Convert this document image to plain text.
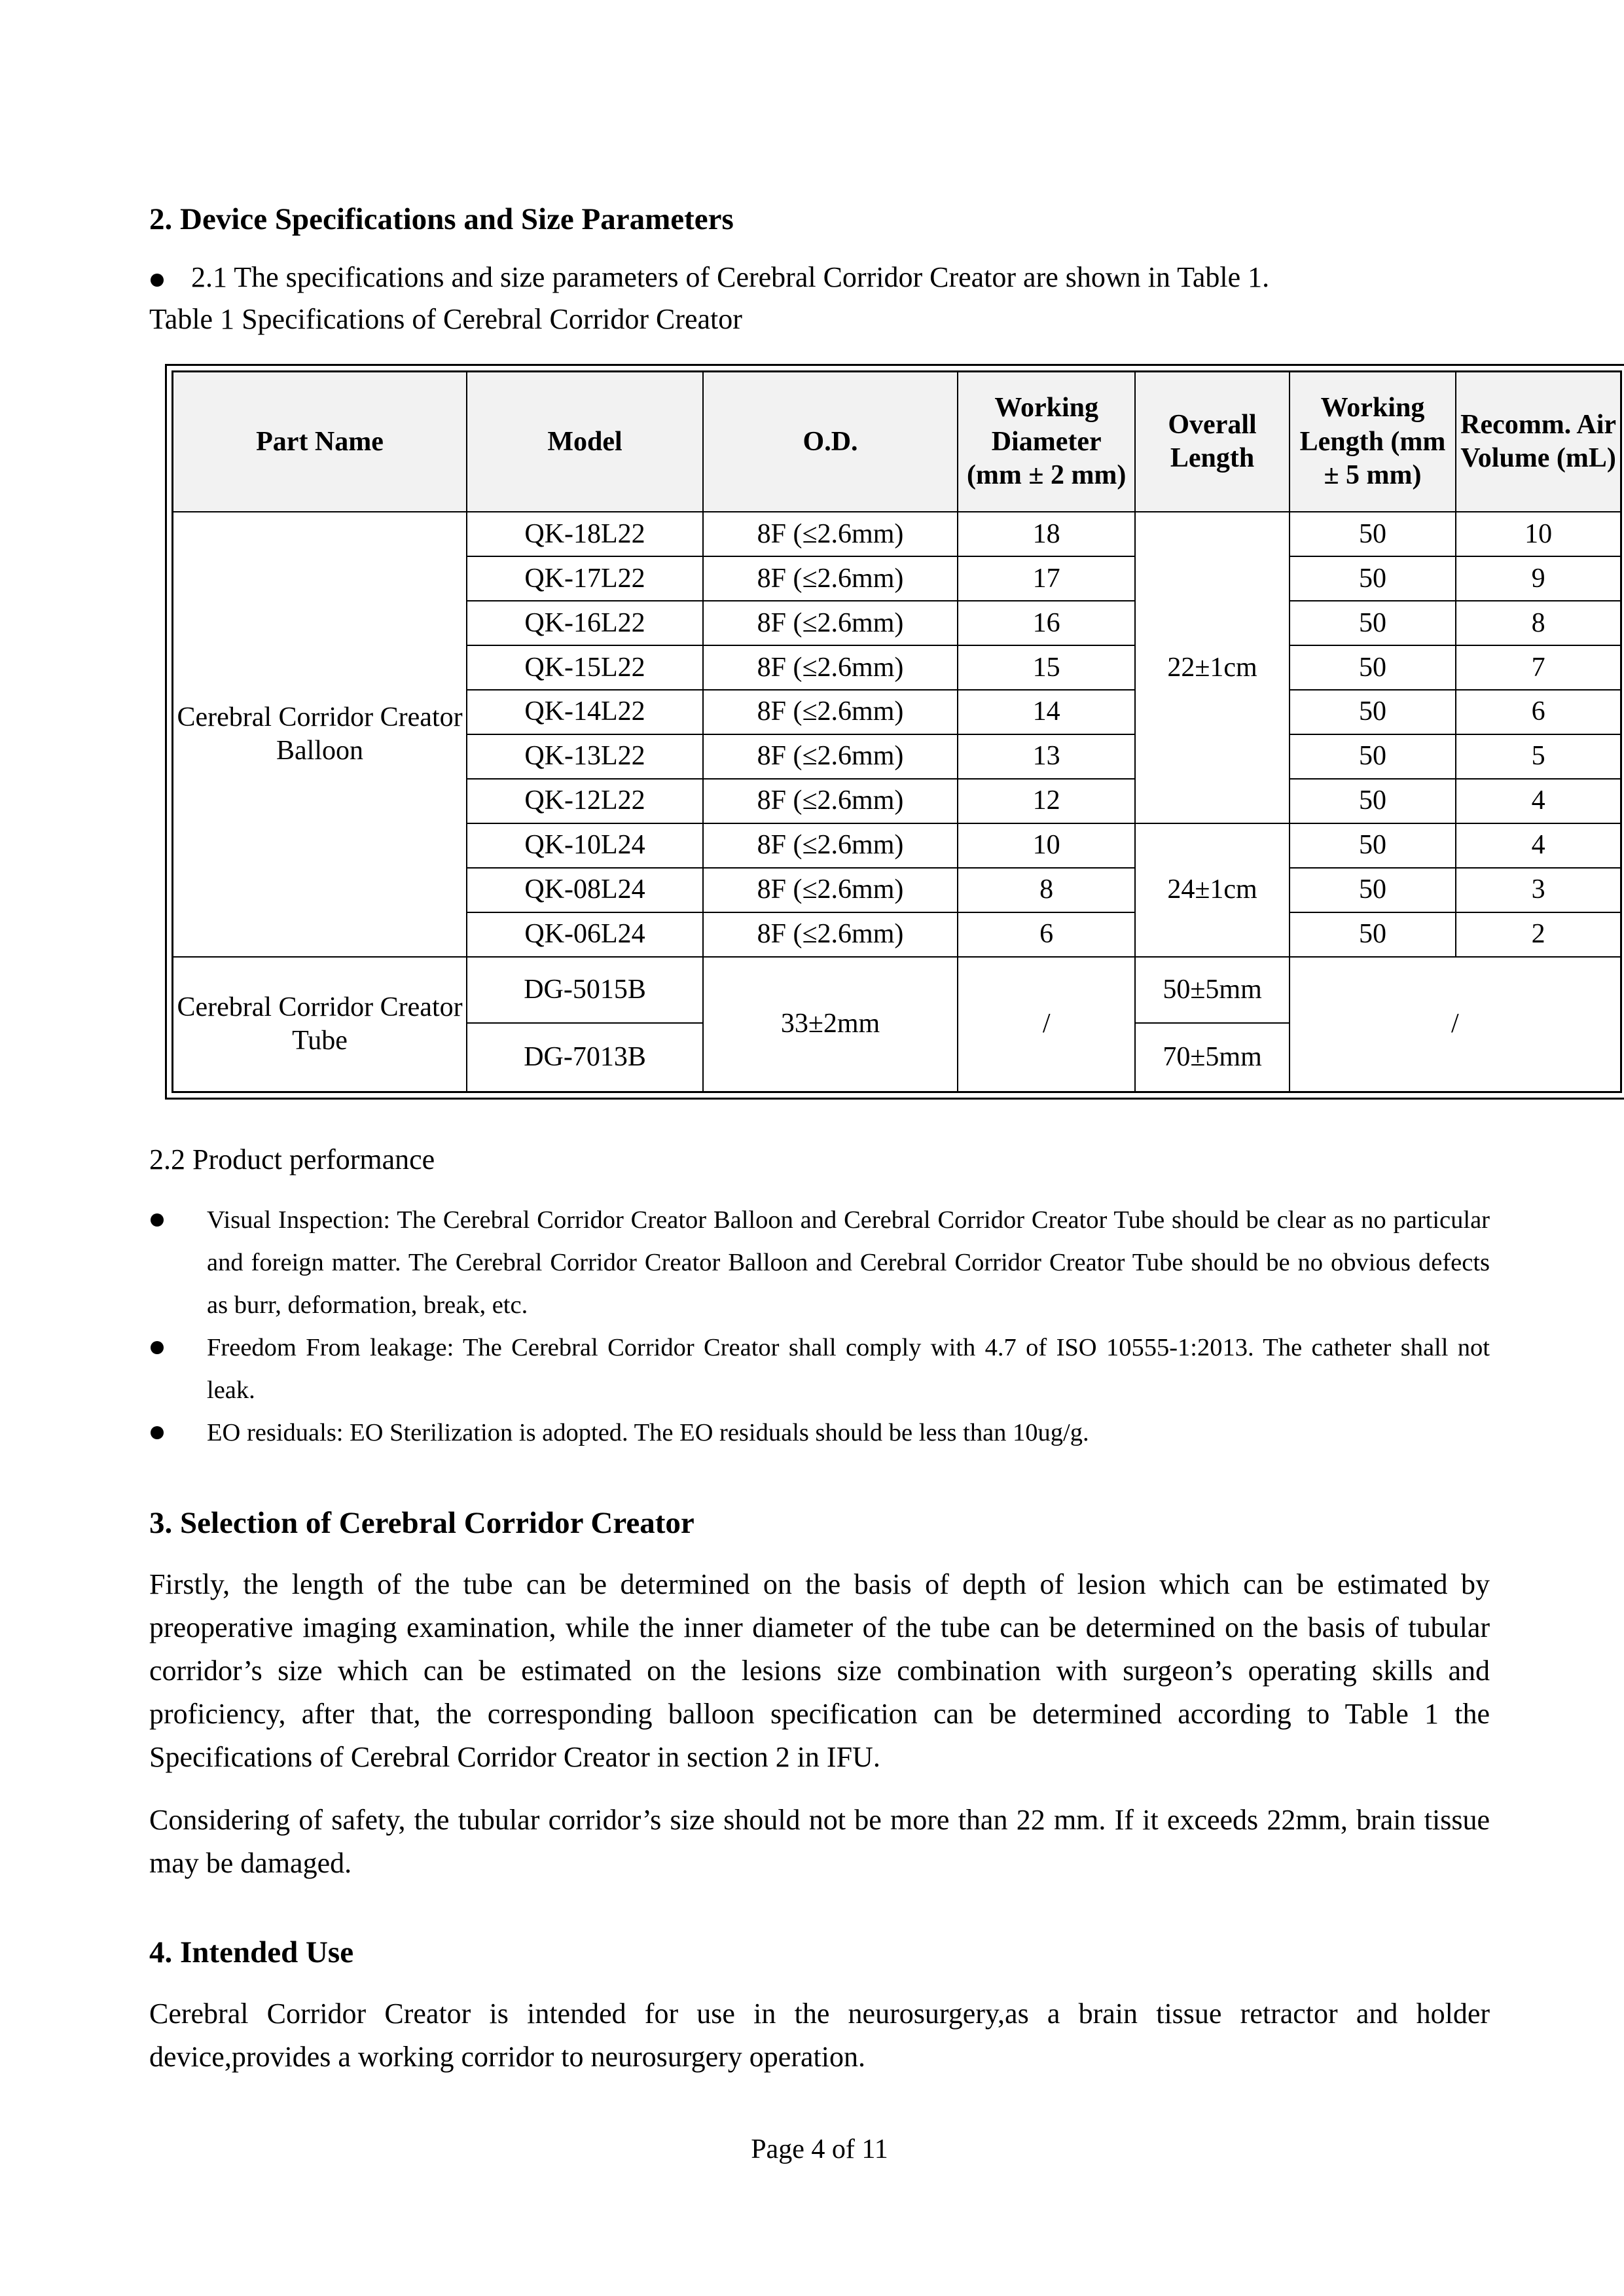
2. Device Specifications and Size Parameters
2.1 The specifications and size parameters of Cerebral Corridor Creator are shown in Table 1.
Table 1 Specifications of Cerebral Corridor Creator
Part Name	Model	O.D.	Working Diameter (mm ± 2 mm)	Overall Length	Working Length (mm ± 5 mm)	Recomm. Air Volume (mL)
Cerebral Corridor Creator Balloon	QK-18L22	8F (≤2.6mm)	18	22±1cm	50	10
	QK-17L22	8F (≤2.6mm)	17		50	9
	QK-16L22	8F (≤2.6mm)	16		50	8
	QK-15L22	8F (≤2.6mm)	15		50	7
	QK-14L22	8F (≤2.6mm)	14		50	6
	QK-13L22	8F (≤2.6mm)	13		50	5
	QK-12L22	8F (≤2.6mm)	12		50	4
	QK-10L24	8F (≤2.6mm)	10	24±1cm	50	4
	QK-08L24	8F (≤2.6mm)	8		50	3
	QK-06L24	8F (≤2.6mm)	6		50	2
Cerebral Corridor Creator Tube	DG-5015B	33±2mm	/	50±5mm	/	
	DG-7013B			70±5mm		
2.2 Product performance
Visual Inspection: The Cerebral Corridor Creator Balloon and Cerebral Corridor Creator Tube should be clear as no particular and foreign matter. The Cerebral Corridor Creator Balloon and Cerebral Corridor Creator Tube should be no obvious defects as burr, deformation, break, etc.
Freedom From leakage: The Cerebral Corridor Creator shall comply with 4.7 of ISO 10555-1:2013. The catheter shall not leak.
EO residuals: EO Sterilization is adopted. The EO residuals should be less than 10ug/g.
3. Selection of Cerebral Corridor Creator
Firstly, the length of the tube can be determined on the basis of depth of lesion which can be estimated by preoperative imaging examination, while the inner diameter of the tube can be determined on the basis of tubular corridor’s size which can be estimated on the lesions size combination with surgeon’s operating skills and proficiency, after that, the corresponding balloon specification can be determined according to Table 1 the Specifications of Cerebral Corridor Creator in section 2 in IFU.
Considering of safety, the tubular corridor’s size should not be more than 22 mm. If it exceeds 22mm, brain tissue may be damaged.
4. Intended Use
Cerebral Corridor Creator is intended for use in the neurosurgery,as a brain tissue retractor and holder device,provides a working corridor to neurosurgery operation.
Page 4 of 11
